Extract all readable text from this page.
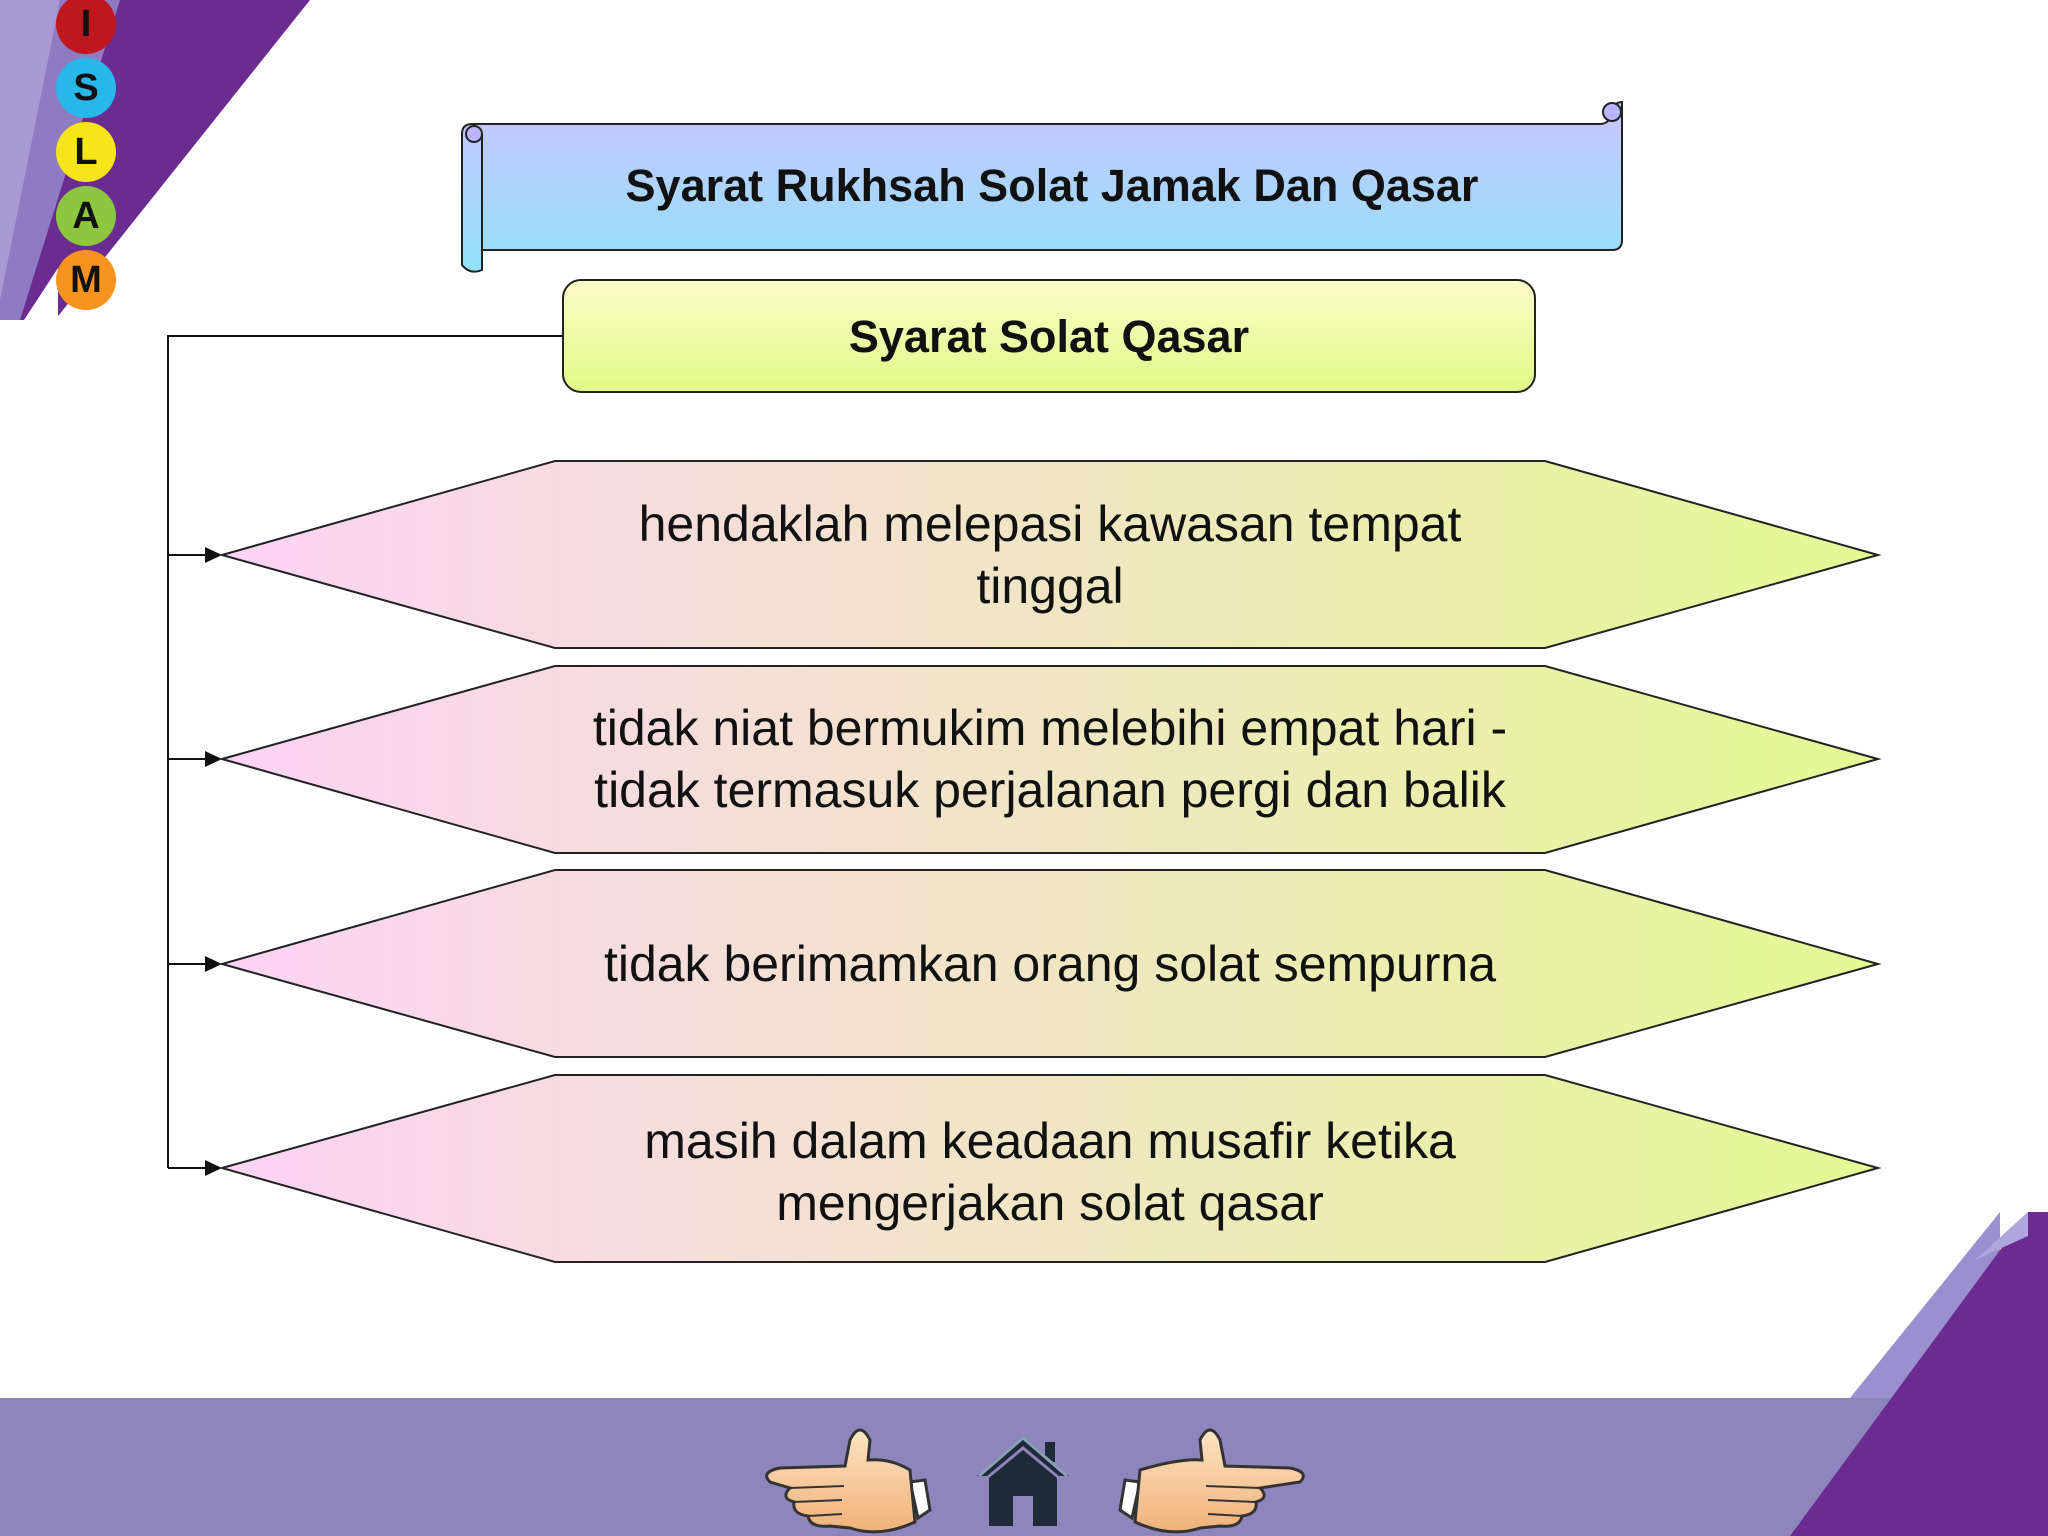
I
S
L
A
M
Syarat Rukhsah Solat Jamak Dan Qasar
Syarat Solat Qasar
hendaklah melepasi kawasan tempat
tinggal
tidak niat bermukim melebihi empat hari -
tidak termasuk perjalanan pergi dan balik
tidak berimamkan orang solat sempurna
masih dalam keadaan musafir ketika
mengerjakan solat qasar
